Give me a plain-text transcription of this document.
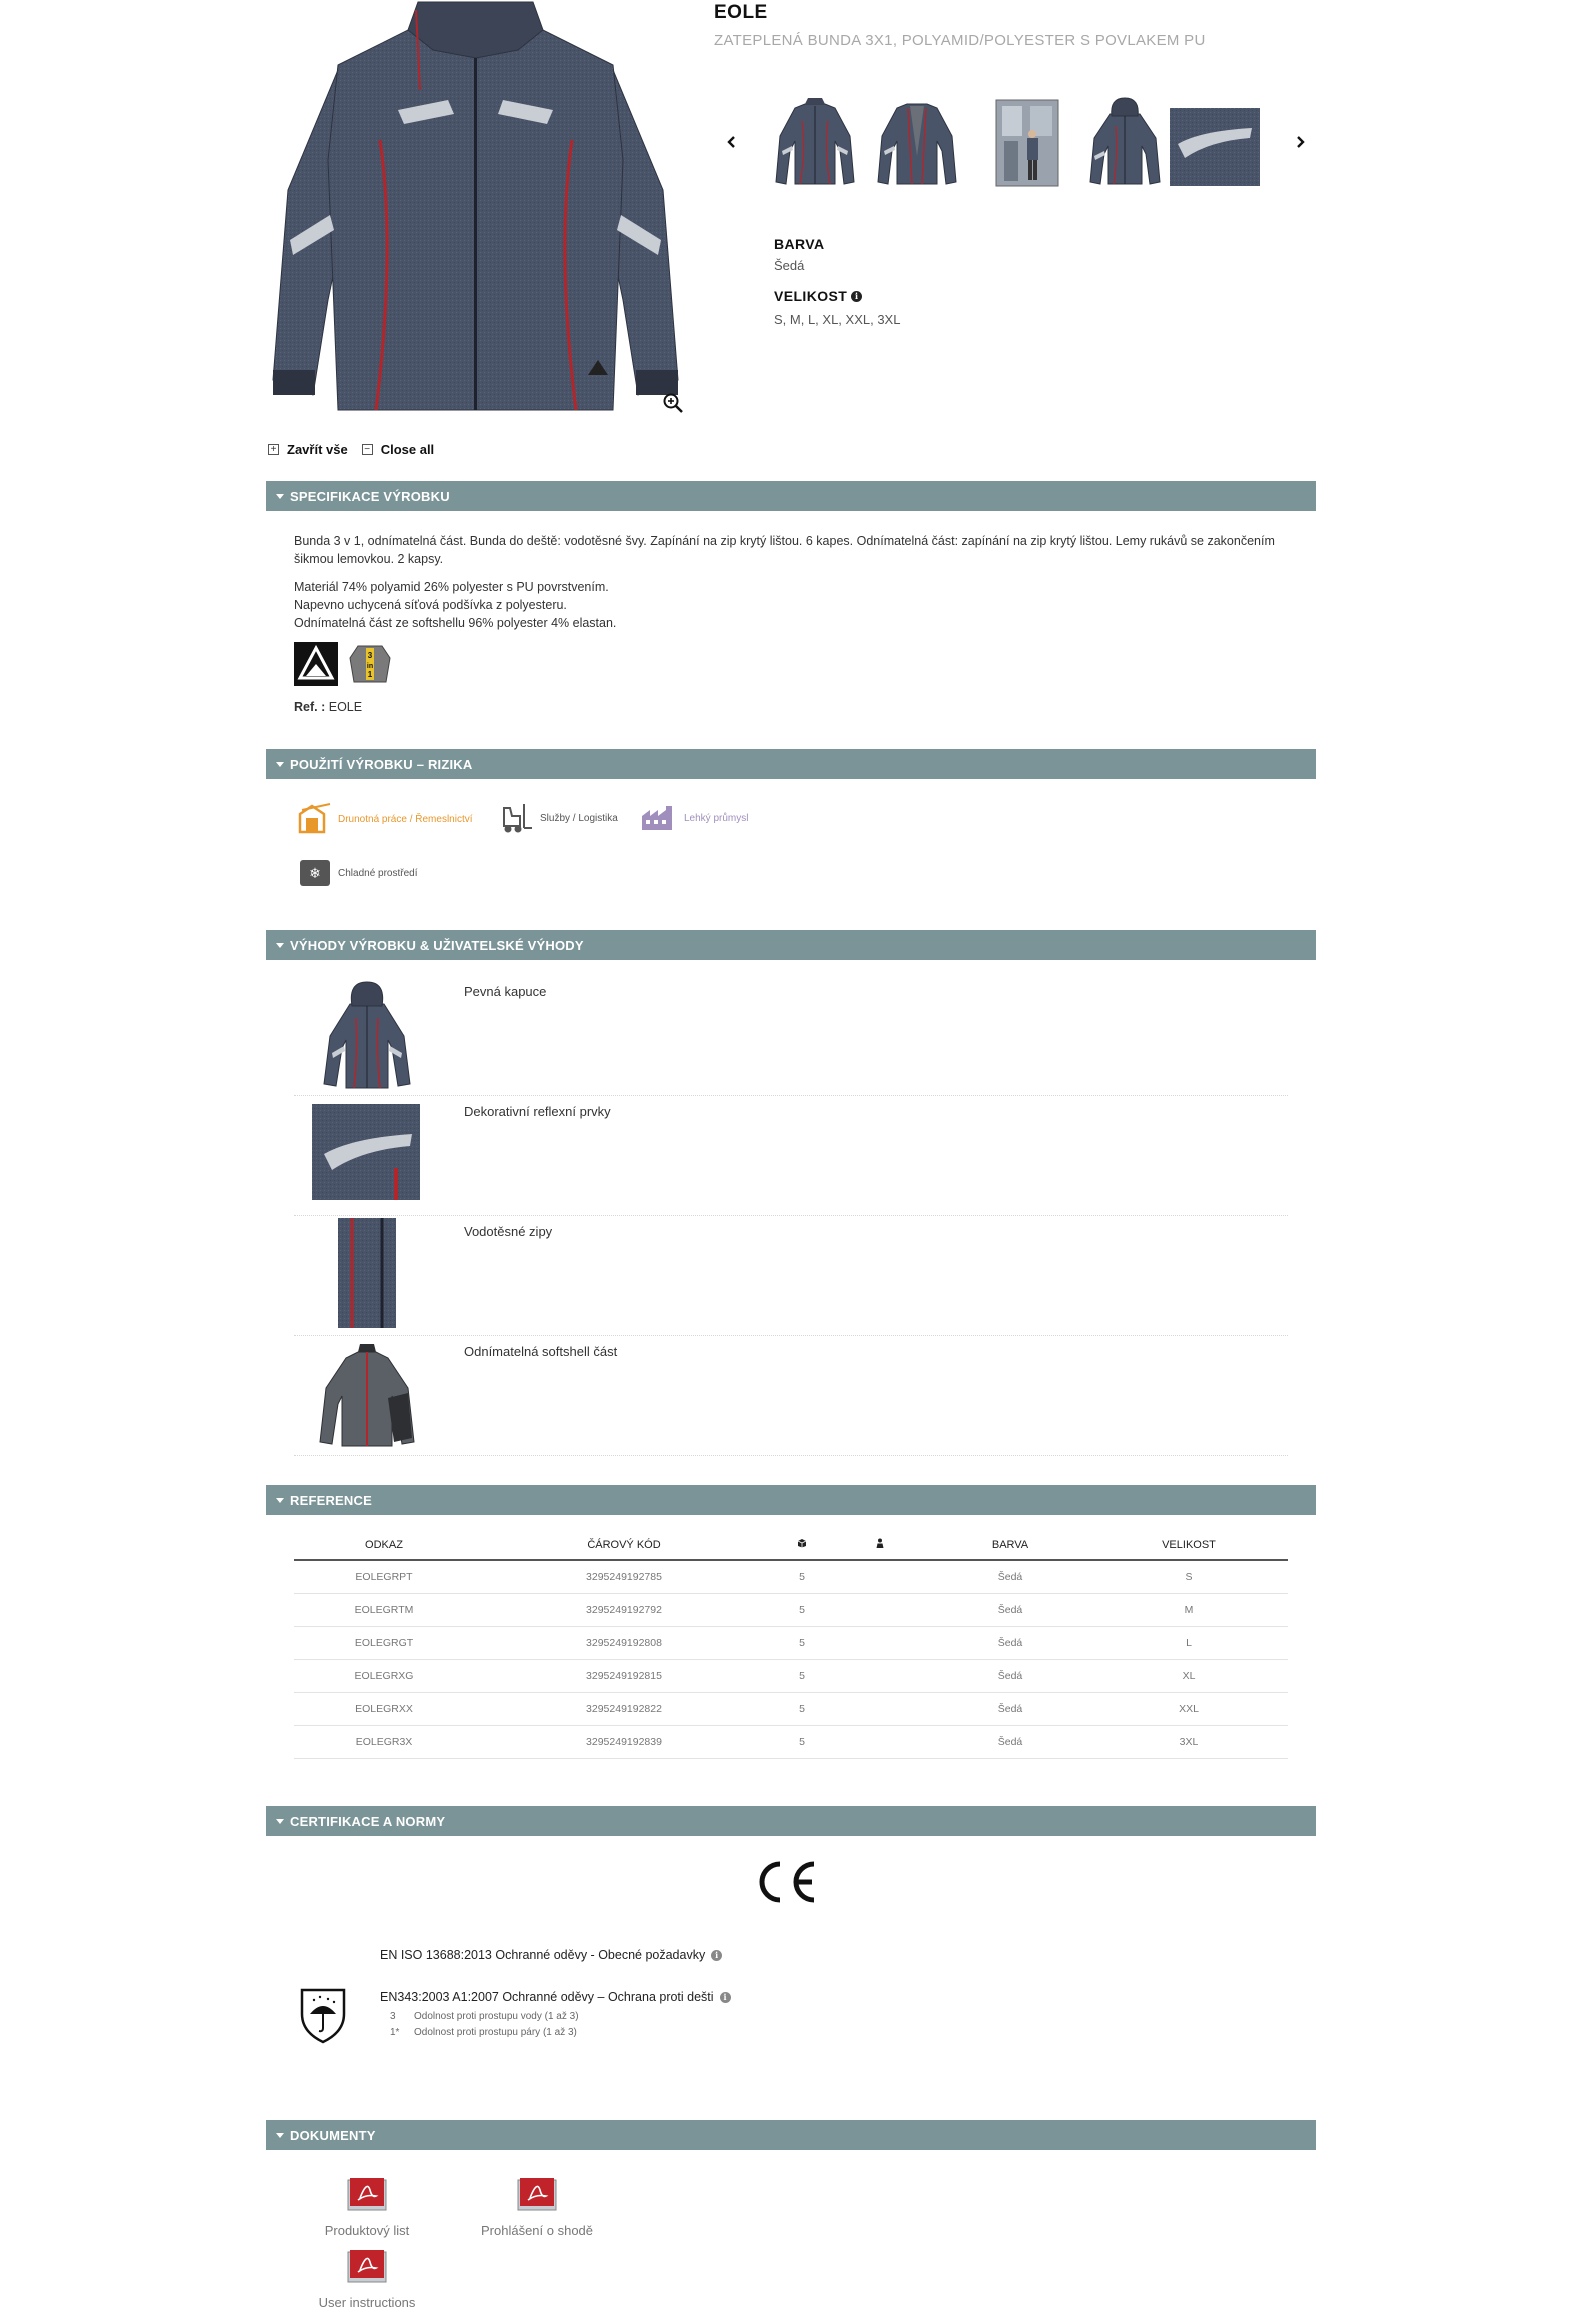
EOLE
ZATEPLENÁ BUNDA 3X1, POLYAMID/POLYESTER S POVLAKEM PU
BARVA
Šedá
VELIKOST i
S, M, L, XL, XXL, 3XL
+ Zavřít vše − Close all
SPECIFIKACE VÝROBKU
Bunda 3 v 1, odnímatelná část. Bunda do deště: vodotěsné švy. Zapínání na zip krytý lištou. 6 kapes. Odnímatelná část: zapínání na zip krytý lištou. Lemy rukávů se zakončením šikmou lemovkou. 2 kapsy.
Materiál 74% polyamid 26% polyester s PU povrstvením.
Napevno uchycená síťová podšívka z polyesteru.
Odnímatelná část ze softshellu 96% polyester 4% elastan.
3
in
1
Ref. : EOLE
POUŽITÍ VÝROBKU – RIZIKA
Drunotná práce / Řemeslnictví	Služby / Logistika	Lehký průmysl
❄ Chladné prostředí
VÝHODY VÝROBKU & UŽIVATELSKÉ VÝHODY
Pevná kapuce
Dekorativní reflexní prvky
Vodotěsné zipy
Odnímatelná softshell část
REFERENCE
ODKAZ	ČÁROVÝ KÓD			BARVA	VELIKOST
EOLEGRPT	3295249192785	5		Šedá	S
EOLEGRTM	3295249192792	5		Šedá	M
EOLEGRGT	3295249192808	5		Šedá	L
EOLEGRXG	3295249192815	5		Šedá	XL
EOLEGRXX	3295249192822	5		Šedá	XXL
EOLEGR3X	3295249192839	5		Šedá	3XL
CERTIFIKACE A NORMY
EN ISO 13688:2013 Ochranné oděvy - Obecné požadavky	i
EN343:2003 A1:2007 Ochranné oděvy – Ochrana proti dešti	i
3	Odolnost proti prostupu vody (1 až 3)
1* Odolnost proti prostupu páry (1 až 3)
DOKUMENTY
Produktový list	Prohlášení o shodě
User instructions
